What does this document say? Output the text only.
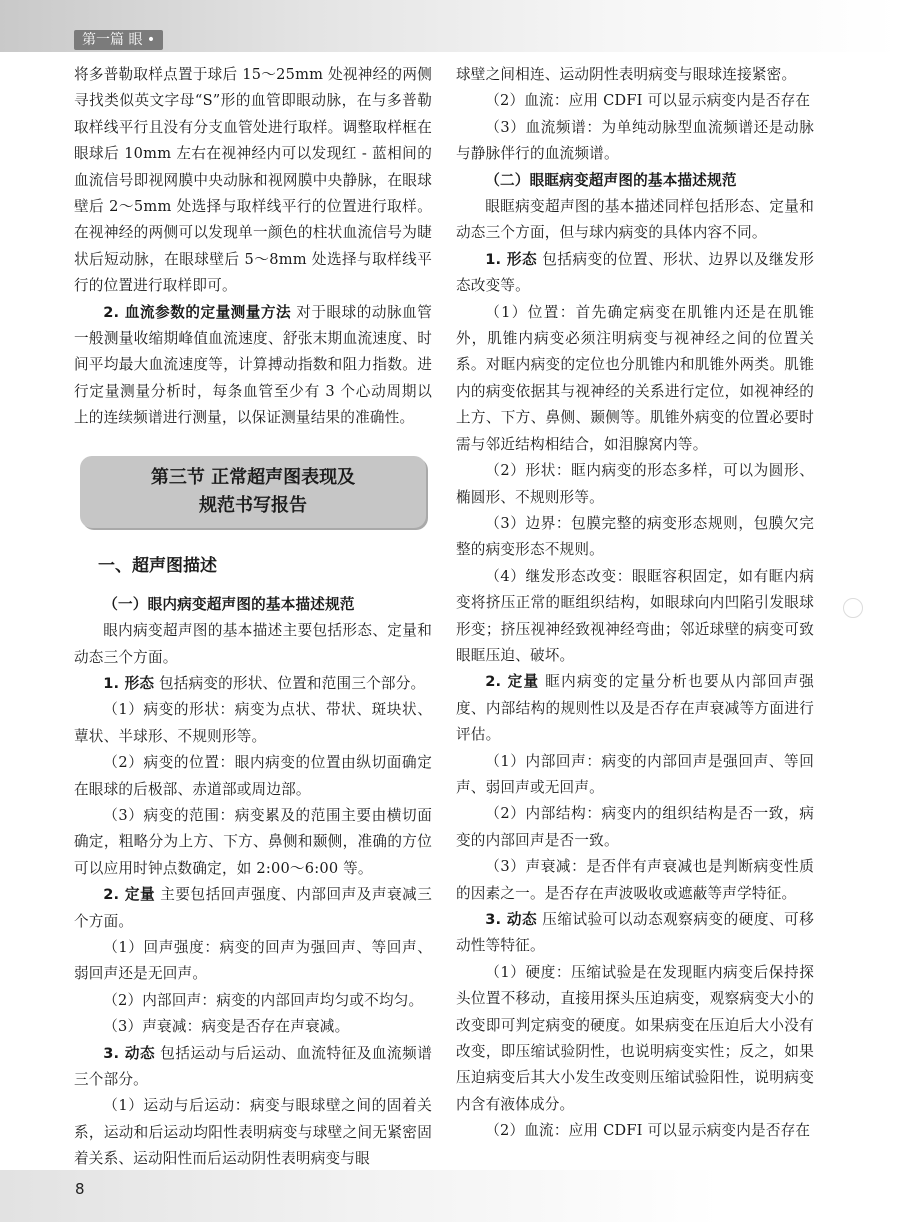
第一篇 眼 •

将多普勒取样点置于球后 15～25mm 处视神经的两侧寻找类似英文字母“S”形的血管即眼动脉，在与多普勒取样线平行且没有分支血管处进行取样。调整取样框在眼球后 10mm 左右在视神经内可以发现红 - 蓝相间的血流信号即视网膜中央动脉和视网膜中央静脉，在眼球壁后 2～5mm 处选择与取样线平行的位置进行取样。在视神经的两侧可以发现单一颜色的柱状血流信号为睫状后短动脉，在眼球壁后 5～8mm 处选择与取样线平行的位置进行取样即可。

2. 血流参数的定量测量方法 对于眼球的动脉血管一般测量收缩期峰值血流速度、舒张末期血流速度、时间平均最大血流速度等，计算搏动指数和阻力指数。进行定量测量分析时，每条血管至少有 3 个心动周期以上的连续频谱进行测量，以保证测量结果的准确性。

第三节 正常超声图表现及
规范书写报告
一、超声图描述

（一）眼内病变超声图的基本描述规范

眼内病变超声图的基本描述主要包括形态、定量和动态三个方面。

1. 形态 包括病变的形状、位置和范围三个部分。

（1）病变的形状：病变为点状、带状、斑块状、蕈状、半球形、不规则形等。

（2）病变的位置：眼内病变的位置由纵切面确定在眼球的后极部、赤道部或周边部。

（3）病变的范围：病变累及的范围主要由横切面确定，粗略分为上方、下方、鼻侧和颞侧，准确的方位可以应用时钟点数确定，如 2:00～6:00 等。

2. 定量 主要包括回声强度、内部回声及声衰减三个方面。

（1）回声强度：病变的回声为强回声、等回声、弱回声还是无回声。

（2）内部回声：病变的内部回声均匀或不均匀。

（3）声衰减：病变是否存在声衰减。

3. 动态 包括运动与后运动、血流特征及血流频谱三个部分。

（1）运动与后运动：病变与眼球壁之间的固着关系，运动和后运动均阳性表明病变与球壁之间无紧密固着关系、运动阳性而后运动阴性表明病变与眼

球壁之间相连、运动阴性表明病变与眼球连接紧密。

（2）血流：应用 CDFI 可以显示病变内是否存在

（3）血流频谱：为单纯动脉型血流频谱还是动脉与静脉伴行的血流频谱。

（二）眼眶病变超声图的基本描述规范

眼眶病变超声图的基本描述同样包括形态、定量和动态三个方面，但与球内病变的具体内容不同。

1. 形态 包括病变的位置、形状、边界以及继发形态改变等。

（1）位置：首先确定病变在肌锥内还是在肌锥外，肌锥内病变必须注明病变与视神经之间的位置关系。对眶内病变的定位也分肌锥内和肌锥外两类。肌锥内的病变依据其与视神经的关系进行定位，如视神经的上方、下方、鼻侧、颞侧等。肌锥外病变的位置必要时需与邻近结构相结合，如泪腺窝内等。

（2）形状：眶内病变的形态多样，可以为圆形、椭圆形、不规则形等。

（3）边界：包膜完整的病变形态规则，包膜欠完整的病变形态不规则。

（4）继发形态改变：眼眶容积固定，如有眶内病变将挤压正常的眶组织结构，如眼球向内凹陷引发眼球形变；挤压视神经致视神经弯曲；邻近球壁的病变可致眼眶压迫、破坏。

2. 定量 眶内病变的定量分析也要从内部回声强度、内部结构的规则性以及是否存在声衰减等方面进行评估。

（1）内部回声：病变的内部回声是强回声、等回声、弱回声或无回声。

（2）内部结构：病变内的组织结构是否一致，病变的内部回声是否一致。

（3）声衰减：是否伴有声衰减也是判断病变性质的因素之一。是否存在声波吸收或遮蔽等声学特征。

3. 动态 压缩试验可以动态观察病变的硬度、可移动性等特征。

（1）硬度：压缩试验是在发现眶内病变后保持探头位置不移动，直接用探头压迫病变，观察病变大小的改变即可判定病变的硬度。如果病变在压迫后大小没有改变，即压缩试验阴性，也说明病变实性；反之，如果压迫病变后其大小发生改变则压缩试验阳性，说明病变内含有液体成分。

（2）血流：应用 CDFI 可以显示病变内是否存在

8
